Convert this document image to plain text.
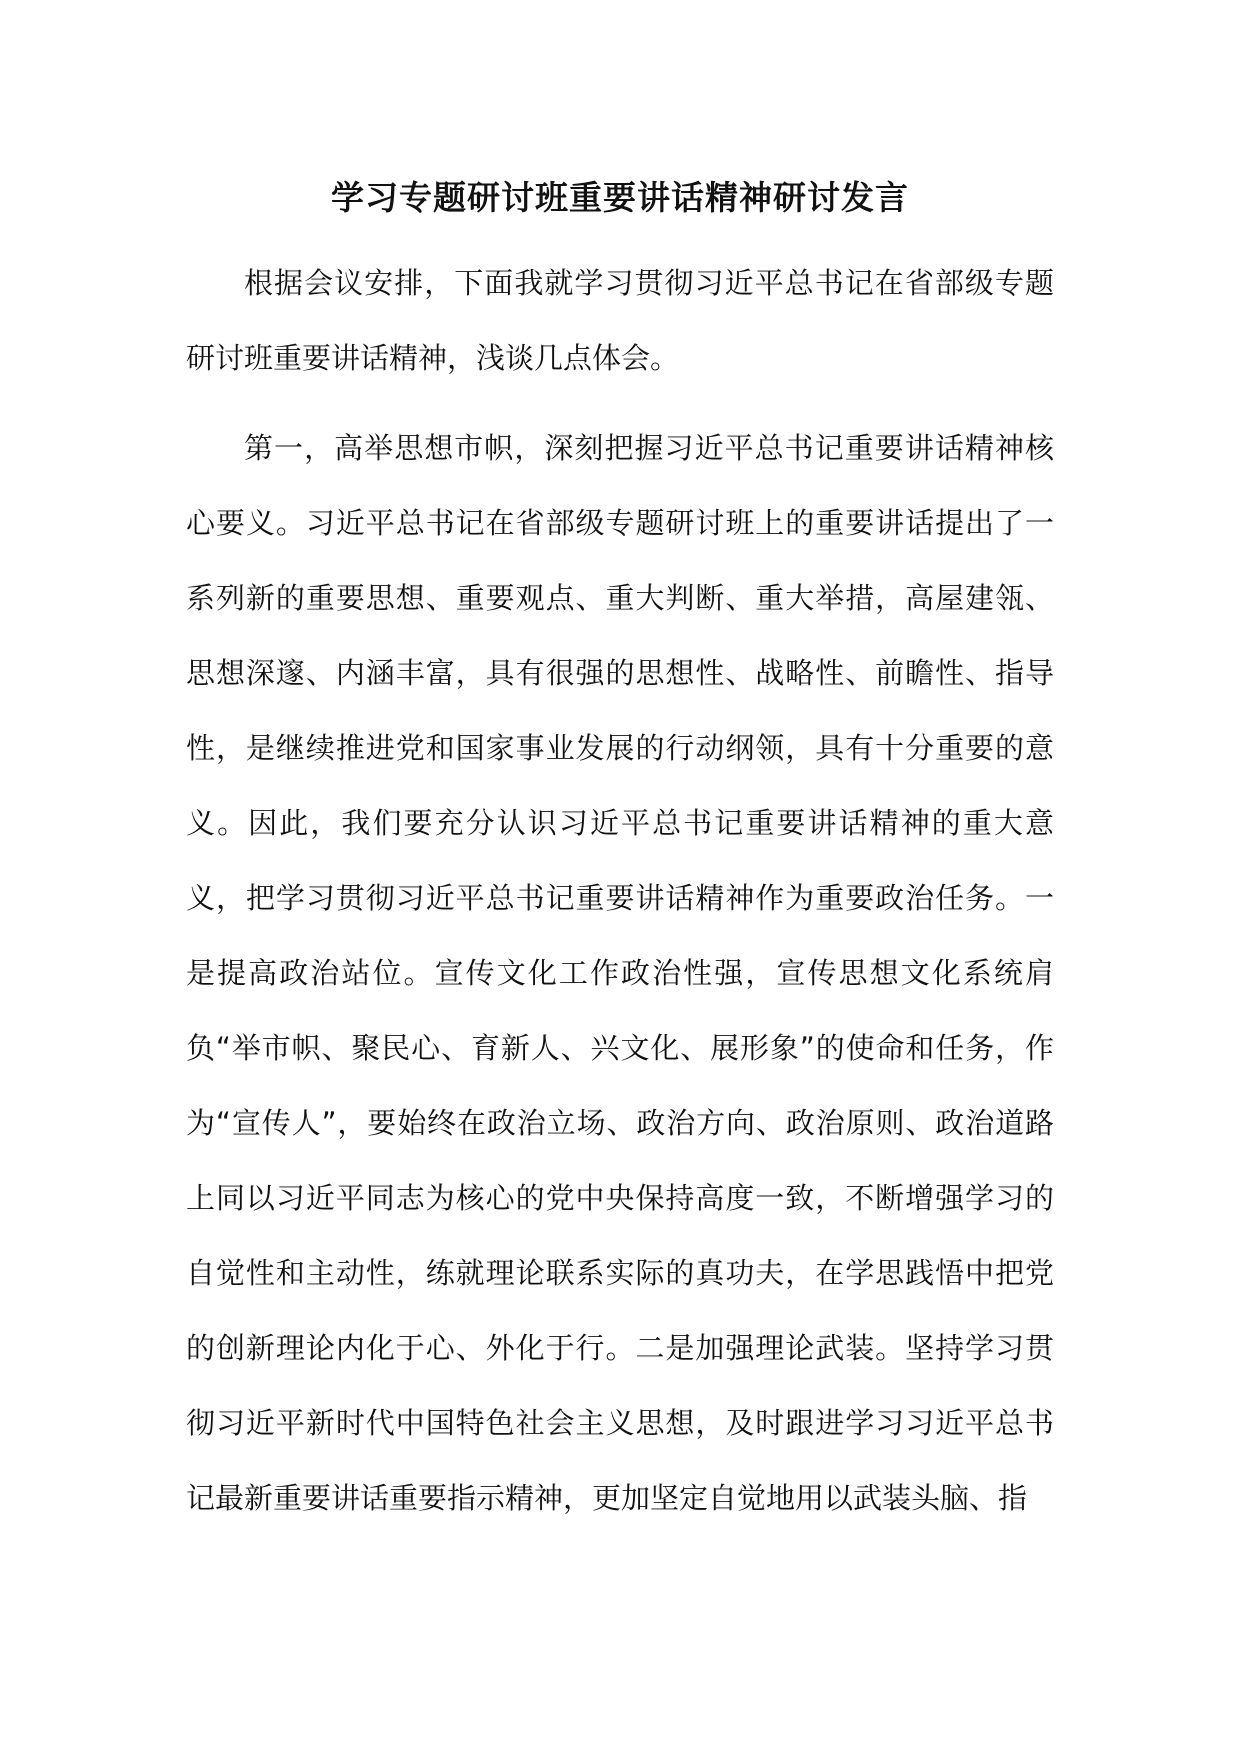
学习专题研讨班重要讲话精神研讨发言

根据会议安排，下面我就学习贯彻习近平总书记在省部级专题研讨班重要讲话精神，浅谈几点体会。

第一，高举思想市帜，深刻把握习近平总书记重要讲话精神核心要义。习近平总书记在省部级专题研讨班上的重要讲话提出了一系列新的重要思想、重要观点、重大判断、重大举措，高屋建瓴、思想深邃、内涵丰富，具有很强的思想性、战略性、前瞻性、指导性，是继续推进党和国家事业发展的行动纲领，具有十分重要的意义。因此，我们要充分认识习近平总书记重要讲话精神的重大意义，把学习贯彻习近平总书记重要讲话精神作为重要政治任务。一是提高政治站位。宣传文化工作政治性强，宣传思想文化系统肩负“举市帜、聚民心、育新人、兴文化、展形象”的使命和任务，作为“宣传人”，要始终在政治立场、政治方向、政治原则、政治道路上同以习近平同志为核心的党中央保持高度一致，不断增强学习的自觉性和主动性，练就理论联系实际的真功夫，在学思践悟中把党的创新理论内化于心、外化于行。二是加强理论武装。坚持学习贯彻习近平新时代中国特色社会主义思想，及时跟进学习习近平总书记最新重要讲话重要指示精神，更加坚定自觉地用以武装头脑、指
